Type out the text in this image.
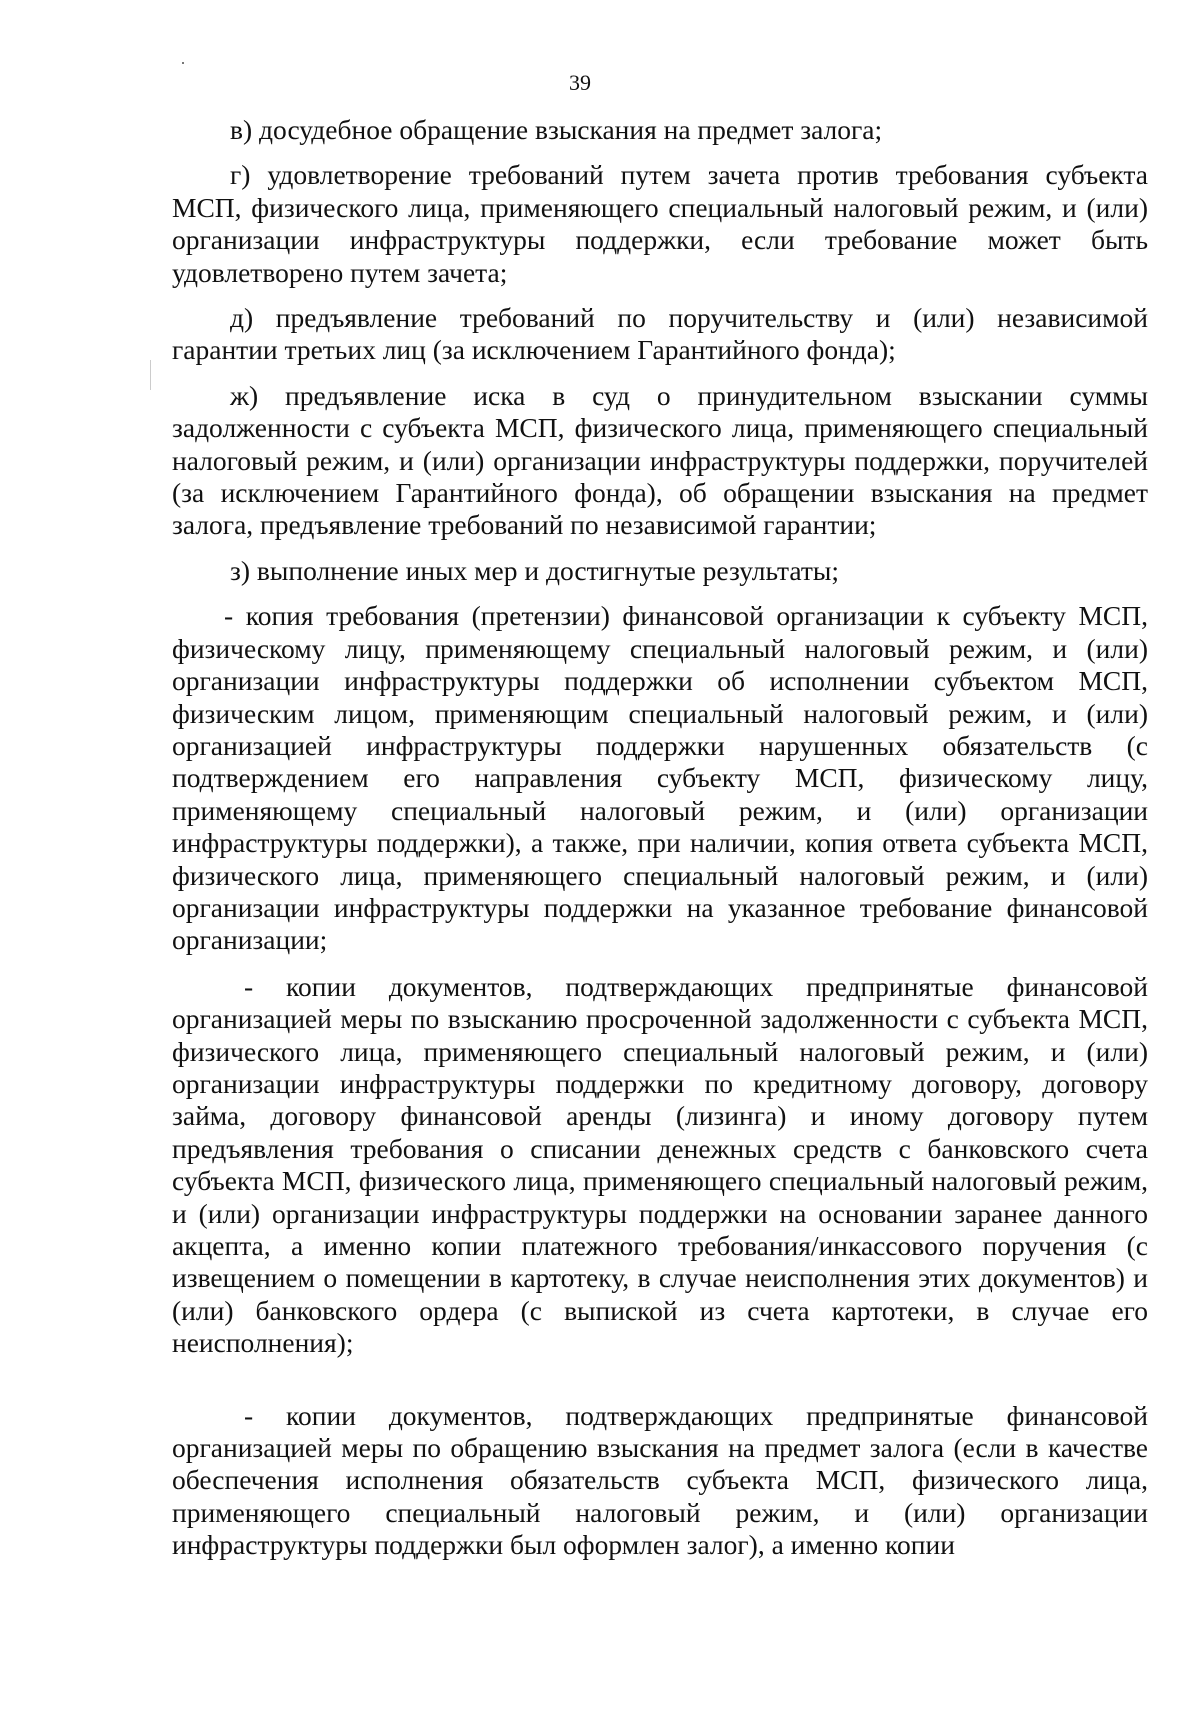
39

в) досудебное обращение взыскания на предмет залога;

г) удовлетворение требований путем зачета против требования субъекта МСП, физического лица, применяющего специальный налоговый режим, и (или) организации инфраструктуры поддержки, если требование может быть удовлетворено путем зачета;

д) предъявление требований по поручительству и (или) независимой гарантии третьих лиц (за исключением Гарантийного фонда);

ж) предъявление иска в суд о принудительном взыскании суммы задолженности с субъекта МСП, физического лица, применяющего специальный налоговый режим, и (или) организации инфраструктуры поддержки, поручителей (за исключением Гарантийного фонда), об обращении взыскания на предмет залога, предъявление требований по независимой гарантии;

з) выполнение иных мер и достигнутые результаты;

- копия требования (претензии) финансовой организации к субъекту МСП, физическому лицу, применяющему специальный налоговый режим, и (или) организации инфраструктуры поддержки об исполнении субъектом МСП, физическим лицом, применяющим специальный налоговый режим, и (или) организацией инфраструктуры поддержки нарушенных обязательств (с подтверждением его направления субъекту МСП, физическому лицу, применяющему специальный налоговый режим, и (или) организации инфраструктуры поддержки), а также, при наличии, копия ответа субъекта МСП, физического лица, применяющего специальный налоговый режим, и (или) организации инфраструктуры поддержки на указанное требование финансовой организации;

- копии документов, подтверждающих предпринятые финансовой организацией меры по взысканию просроченной задолженности с субъекта МСП, физического лица, применяющего специальный налоговый режим, и (или) организации инфраструктуры поддержки по кредитному договору, договору займа, договору финансовой аренды (лизинга) и иному договору путем предъявления требования о списании денежных средств с банковского счета субъекта МСП, физического лица, применяющего специальный налоговый режим, и (или) организации инфраструктуры поддержки на основании заранее данного акцепта, а именно копии платежного требования/инкассового поручения (с извещением о помещении в картотеку, в случае неисполнения этих документов) и (или) банковского ордера (с выпиской из счета картотеки, в случае его неисполнения);

- копии документов, подтверждающих предпринятые финансовой организацией меры по обращению взыскания на предмет залога (если в качестве обеспечения исполнения обязательств субъекта МСП, физического лица, применяющего специальный налоговый режим, и (или) организации инфраструктуры поддержки был оформлен залог), а именно копии
